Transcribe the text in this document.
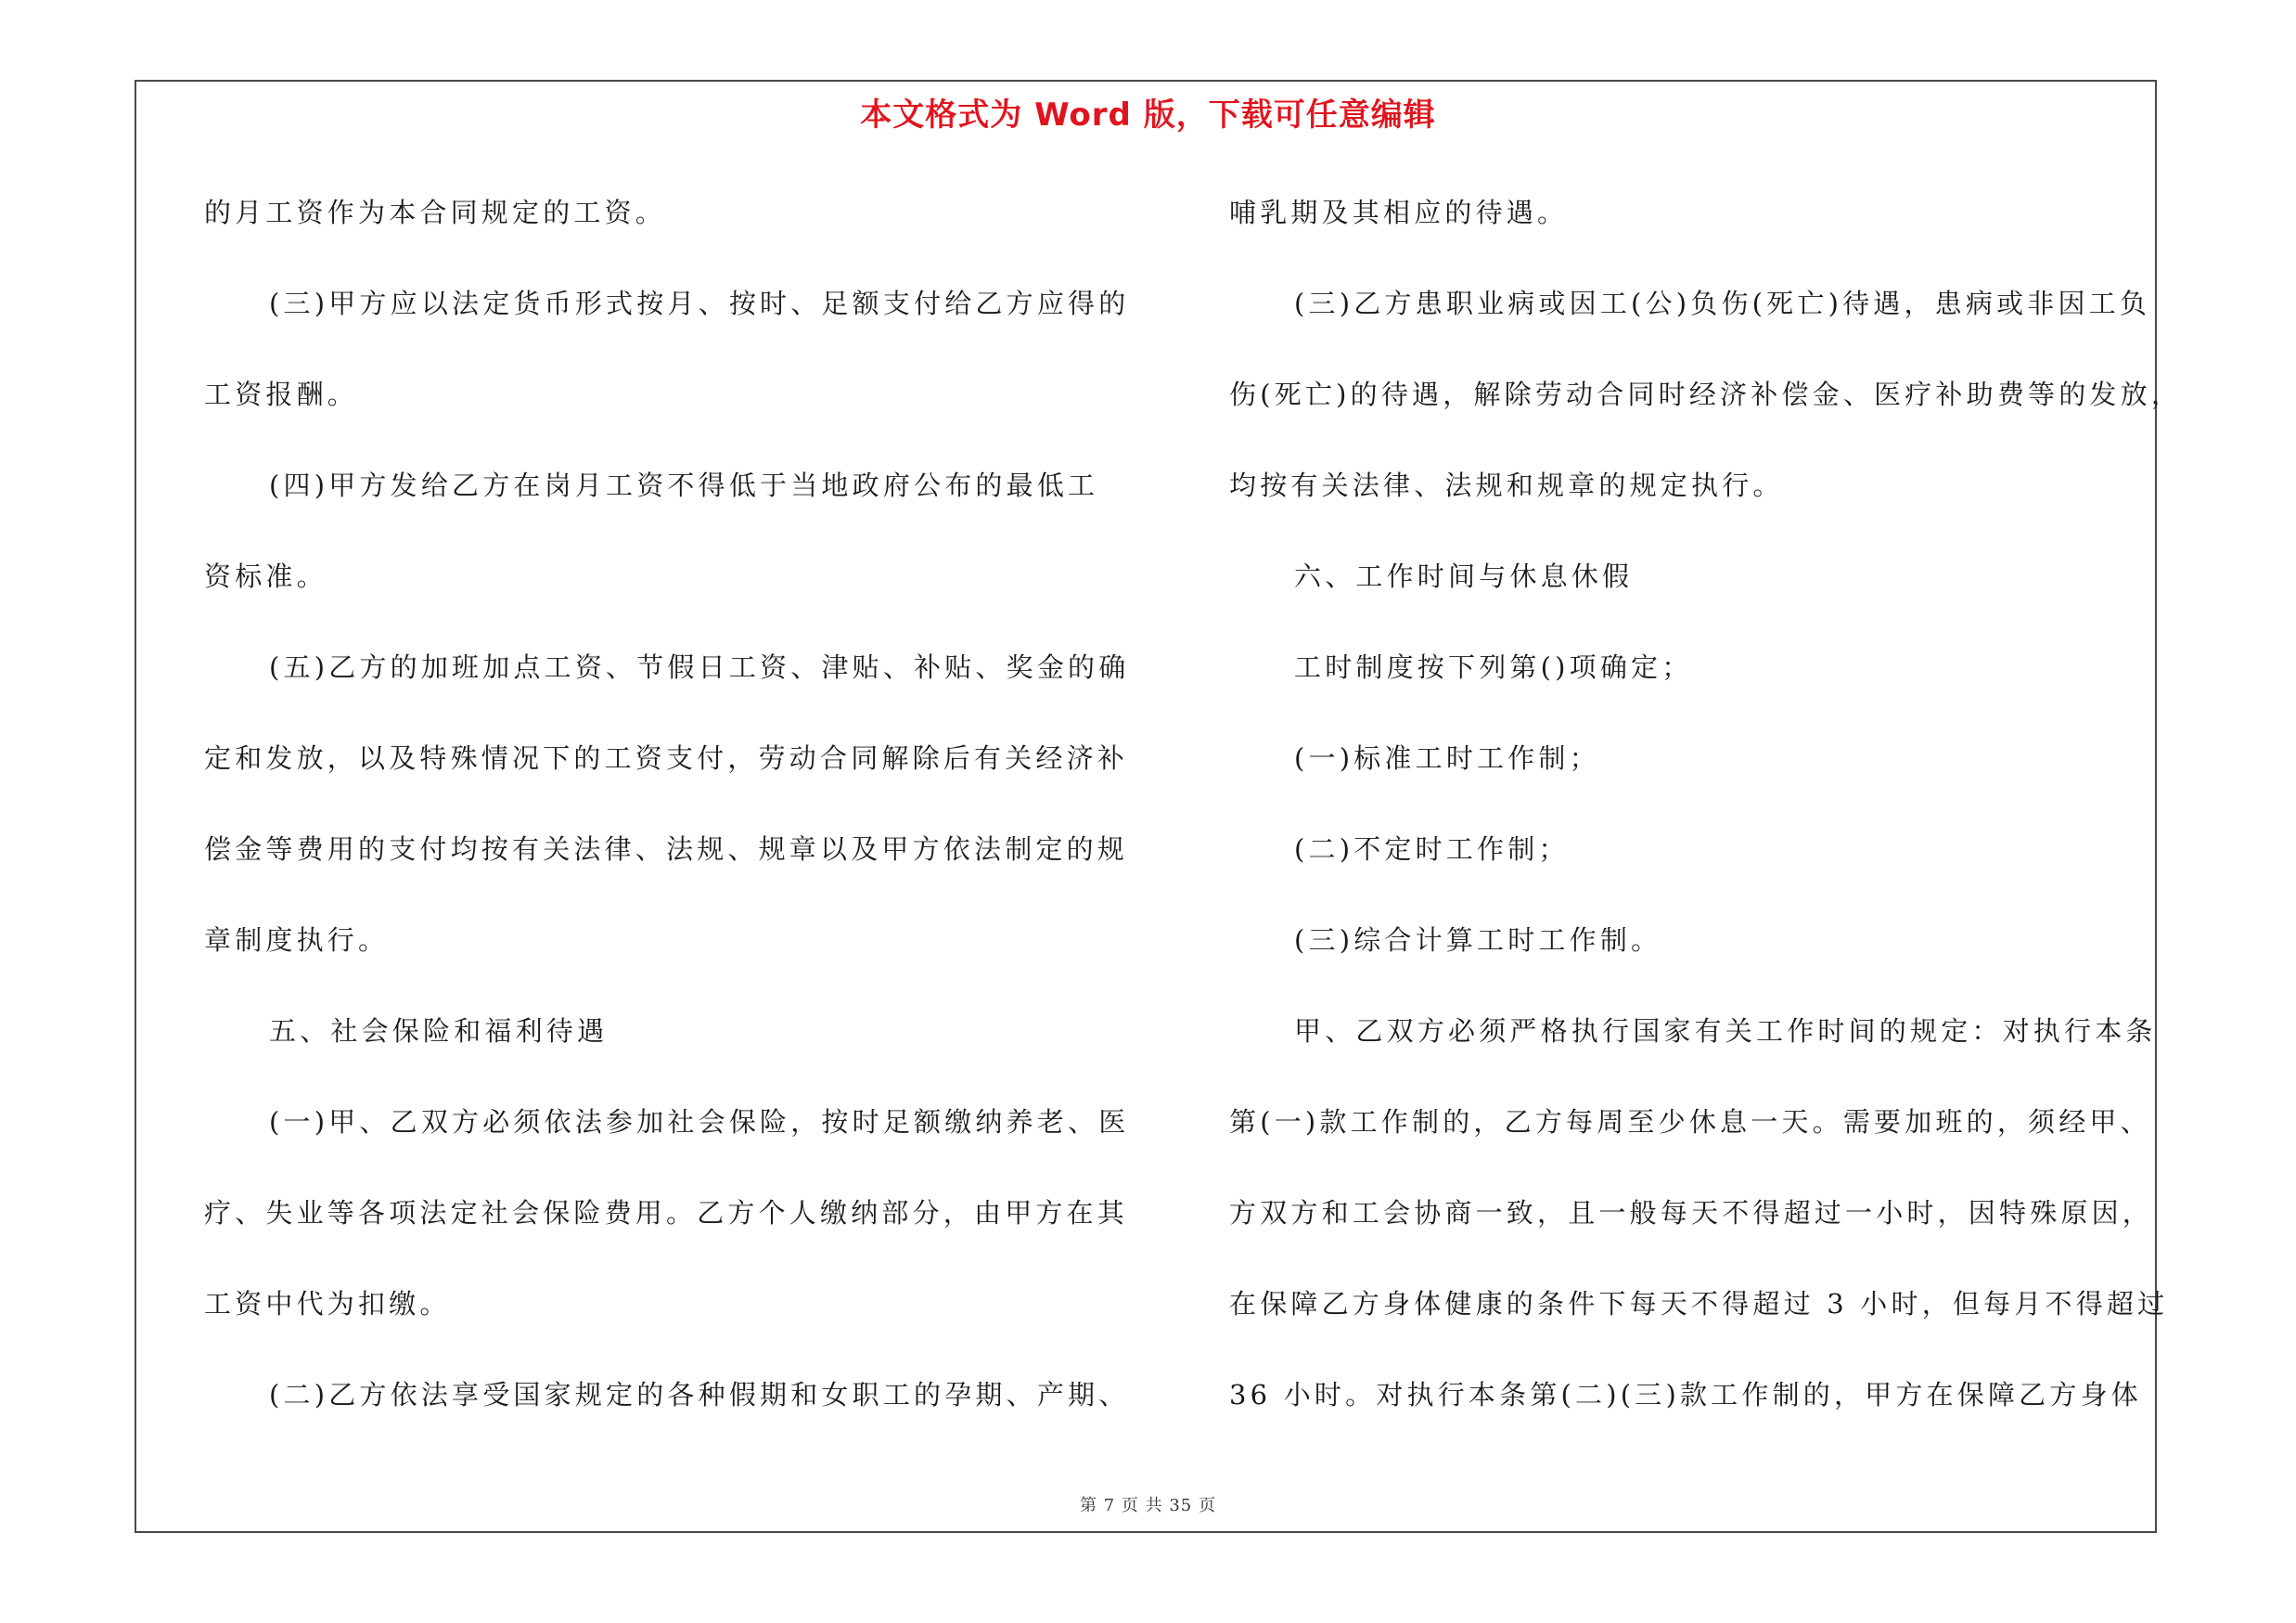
本文格式为 Word 版，下载可任意编辑
的月工资作为本合同规定的工资。
(三)甲方应以法定货币形式按月、按时、足额支付给乙方应得的
工资报酬。
(四)甲方发给乙方在岗月工资不得低于当地政府公布的最低工
资标准。
(五)乙方的加班加点工资、节假日工资、津贴、补贴、奖金的确
定和发放，以及特殊情况下的工资支付，劳动合同解除后有关经济补
偿金等费用的支付均按有关法律、法规、规章以及甲方依法制定的规
章制度执行。
五、社会保险和福利待遇
(一)甲、乙双方必须依法参加社会保险，按时足额缴纳养老、医
疗、失业等各项法定社会保险费用。乙方个人缴纳部分，由甲方在其
工资中代为扣缴。
(二)乙方依法享受国家规定的各种假期和女职工的孕期、产期、
哺乳期及其相应的待遇。
(三)乙方患职业病或因工(公)负伤(死亡)待遇，患病或非因工负
伤(死亡)的待遇，解除劳动合同时经济补偿金、医疗补助费等的发放，
均按有关法律、法规和规章的规定执行。
六、工作时间与休息休假
工时制度按下列第()项确定；
(一)标准工时工作制；
(二)不定时工作制；
(三)综合计算工时工作制。
甲、乙双方必须严格执行国家有关工作时间的规定：对执行本条
第(一)款工作制的，乙方每周至少休息一天。需要加班的，须经甲、
方双方和工会协商一致，且一般每天不得超过一小时，因特殊原因，
在保障乙方身体健康的条件下每天不得超过 3 小时，但每月不得超过
36 小时。对执行本条第(二)(三)款工作制的，甲方在保障乙方身体
第 7 页 共 35 页
